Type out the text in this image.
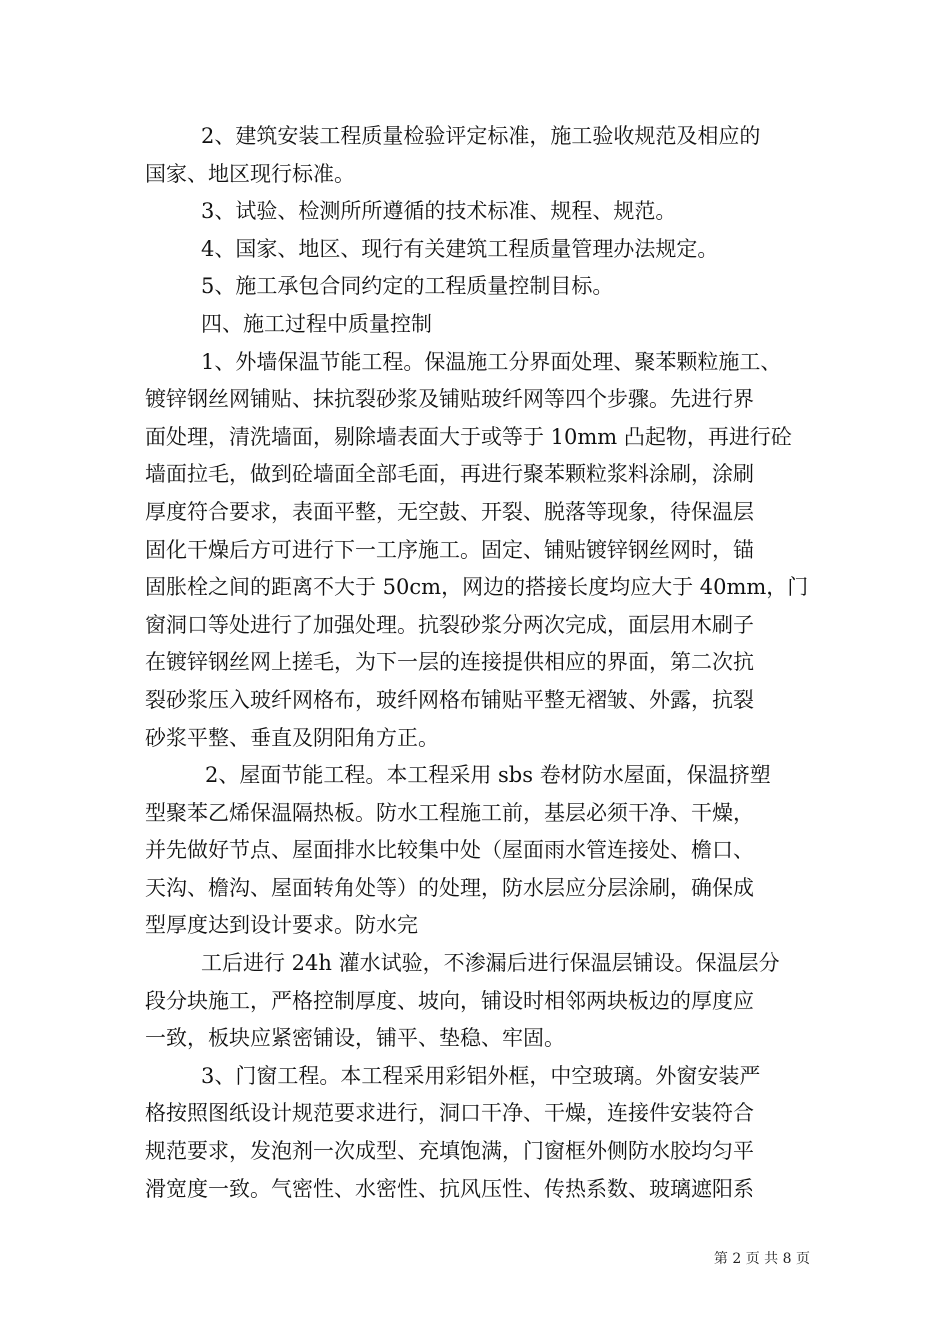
2、建筑安装工程质量检验评定标准，施工验收规范及相应的
国家、地区现行标准。
3、试验、检测所所遵循的技术标准、规程、规范。
4、国家、地区、现行有关建筑工程质量管理办法规定。
5、施工承包合同约定的工程质量控制目标。
四、施工过程中质量控制
1、外墙保温节能工程。保温施工分界面处理、聚苯颗粒施工、
镀锌钢丝网铺贴、抹抗裂砂浆及铺贴玻纤网等四个步骤。先进行界
面处理，清洗墙面，剔除墙表面大于或等于 10mm 凸起物，再进行砼
墙面拉毛，做到砼墙面全部毛面，再进行聚苯颗粒浆料涂刷，涂刷
厚度符合要求，表面平整，无空鼓、开裂、脱落等现象，待保温层
固化干燥后方可进行下一工序施工。固定、铺贴镀锌钢丝网时，锚
固胀栓之间的距离不大于 50cm，网边的搭接长度均应大于 40mm，门
窗洞口等处进行了加强处理。抗裂砂浆分两次完成，面层用木刷子
在镀锌钢丝网上搓毛，为下一层的连接提供相应的界面，第二次抗
裂砂浆压入玻纤网格布，玻纤网格布铺贴平整无褶皱、外露，抗裂
砂浆平整、垂直及阴阳角方正。
2、屋面节能工程。本工程采用 sbs 卷材防水屋面，保温挤塑
型聚苯乙烯保温隔热板。防水工程施工前，基层必须干净、干燥，
并先做好节点、屋面排水比较集中处（屋面雨水管连接处、檐口、
天沟、檐沟、屋面转角处等）的处理，防水层应分层涂刷，确保成
型厚度达到设计要求。防水完
工后进行 24h 灌水试验，不渗漏后进行保温层铺设。保温层分
段分块施工，严格控制厚度、坡向，铺设时相邻两块板边的厚度应
一致，板块应紧密铺设，铺平、垫稳、牢固。
3、门窗工程。本工程采用彩铝外框，中空玻璃。外窗安装严
格按照图纸设计规范要求进行，洞口干净、干燥，连接件安装符合
规范要求，发泡剂一次成型、充填饱满，门窗框外侧防水胶均匀平
滑宽度一致。气密性、水密性、抗风压性、传热系数、玻璃遮阳系
第 2 页 共 8 页
